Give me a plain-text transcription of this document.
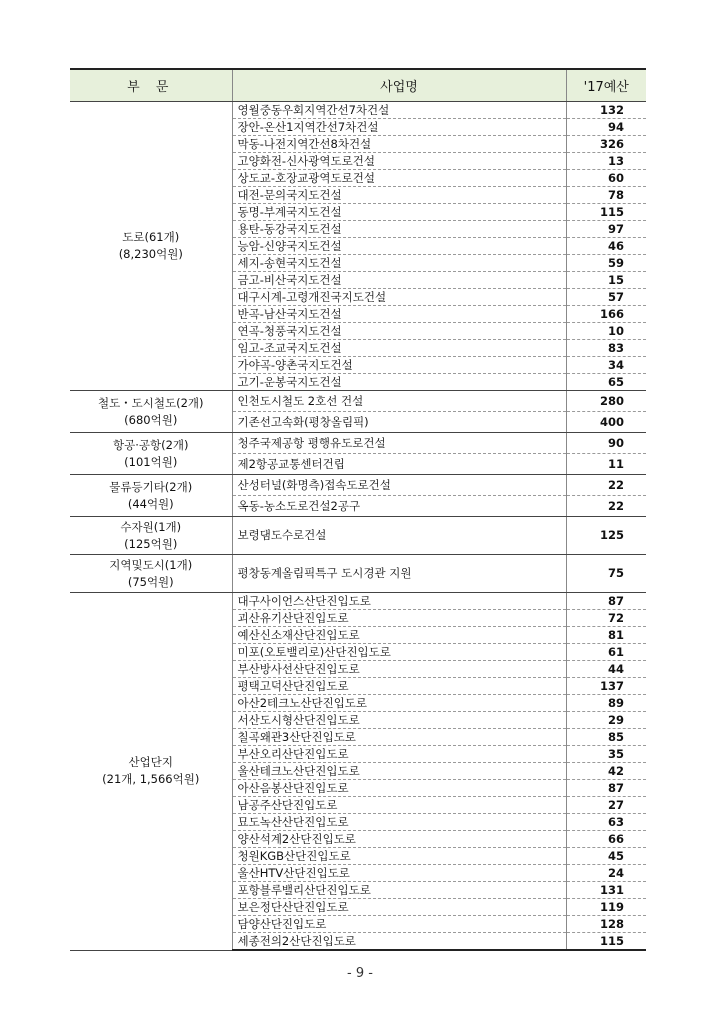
부 문	사업명	'17예산

도로(61개)
(8,230억원)	영월중동우회지역간선7차건설	132
	장안-온산1지역간선7차건설	94
	막동-나전지역간선8차건설	326
	고양화전-신사광역도로건설	13
	상도교-호장교광역도로건설	60
	대전-문의국지도건설	78
	동명-부계국지도건설	115
	용탄-동강국지도건설	97
	능암-신양국지도건설	46
	세지-송현국지도건설	59
	금고-비산국지도건설	15
	대구시계-고령개진국지도건설	57
	반곡-남산국지도건설	166
	연곡-청풍국지도건설	10
	임고-조교국지도건설	83
	가야곡-양촌국지도건설	34
	고기-운봉국지도건설	65

철도・도시철도(2개)
(680억원)	인천도시철도 2호선 건설	280
	기존선고속화(평창올림픽)	400

항공·공항(2개)
(101억원)	청주국제공항 평행유도로건설	90
	제2항공교통센터건립	11

물류등기타(2개)
(44억원)	산성터널(화명측)접속도로건설	22
	옥동-농소도로건설2공구	22

수자원(1개)
(125억원)	보령댐도수로건설	125

지역및도시(1개)
(75억원)	평창동계올림픽특구 도시경관 지원	75

산업단지
(21개, 1,566억원)	대구사이언스산단진입도로	87
	괴산유기산단진입도로	72
	예산신소재산단진입도로	81
	미포(오토밸리로)산단진입도로	61
	부산방사선산단진입도로	44
	평택고덕산단진입도로	137
	아산2테크노산단진입도로	89
	서산도시형산단진입도로	29
	칠곡왜관3산단진입도로	85
	부산오리산단진입도로	35
	울산테크노산단진입도로	42
	아산음봉산단진입도로	87
	남공주산단진입도로	27
	묘도녹산산단진입도로	63
	양산석계2산단진입도로	66
	청원KGB산단진입도로	45
	울산HTV산단진입도로	24
	포항블루밸리산단진입도로	131
	보은정단산단진입도로	119
	담양산단진입도로	128
	세종전의2산단진입도로	115
- 9 -
